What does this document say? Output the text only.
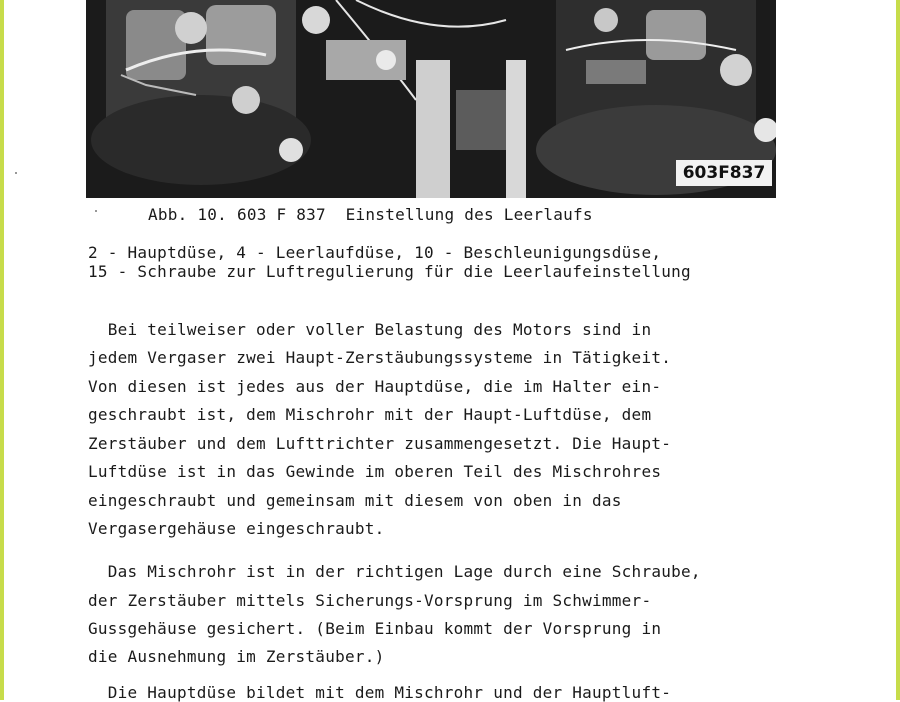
603F837
Abb. 10. 603 F 837  Einstellung des Leerlaufs
2 - Hauptdüse, 4 - Leerlaufdüse, 10 - Beschleunigungsdüse,
15 - Schraube zur Luftregulierung für die Leerlaufeinstellung
Bei teilweiser oder voller Belastung des Motors sind in
jedem Vergaser zwei Haupt-Zerstäubungssysteme in Tätigkeit.
Von diesen ist jedes aus der Hauptdüse, die im Halter ein-
geschraubt ist, dem Mischrohr mit der Haupt-Luftdüse, dem
Zerstäuber und dem Lufttrichter zusammengesetzt. Die Haupt-
Luftdüse ist in das Gewinde im oberen Teil des Mischrohres
eingeschraubt und gemeinsam mit diesem von oben in das
Vergasergehäuse eingeschraubt.
Das Mischrohr ist in der richtigen Lage durch eine Schraube,
der Zerstäuber mittels Sicherungs-Vorsprung im Schwimmer-
Gussgehäuse gesichert. (Beim Einbau kommt der Vorsprung in
die Ausnehmung im Zerstäuber.)
Die Hauptdüse bildet mit dem Mischrohr und der Hauptluft-
